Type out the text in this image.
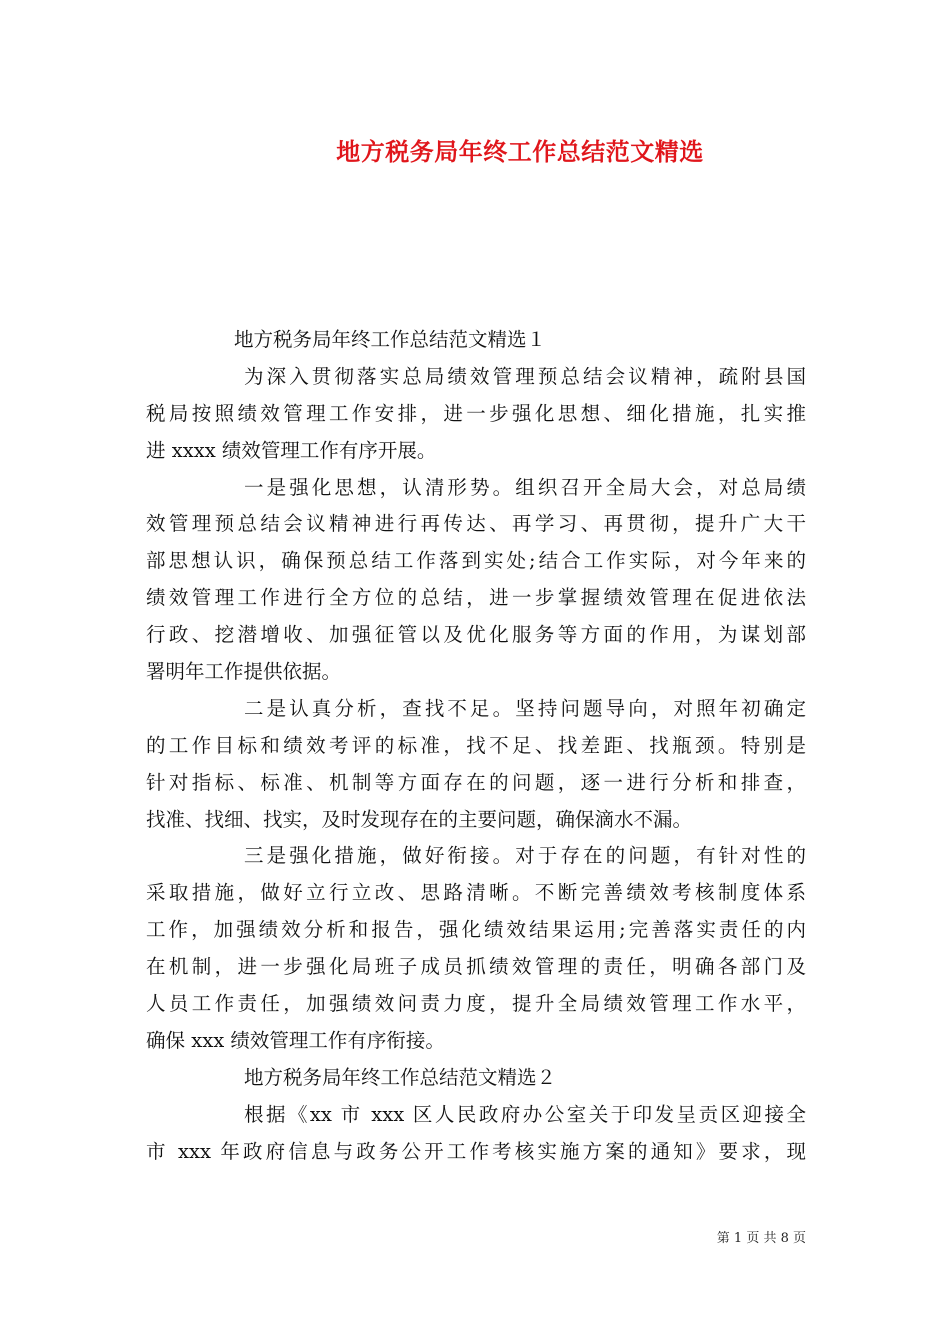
地方税务局年终工作总结范文精选
地方税务局年终工作总结范文精选１
为深入贯彻落实总局绩效管理预总结会议精神，疏附县国
税局按照绩效管理工作安排，进一步强化思想、细化措施，扎实推
进 xxxx 绩效管理工作有序开展。
一是强化思想，认清形势。组织召开全局大会，对总局绩
效管理预总结会议精神进行再传达、再学习、再贯彻，提升广大干
部思想认识，确保预总结工作落到实处;结合工作实际，对今年来的
绩效管理工作进行全方位的总结，进一步掌握绩效管理在促进依法
行政、挖潜增收、加强征管以及优化服务等方面的作用，为谋划部
署明年工作提供依据。
二是认真分析，查找不足。坚持问题导向，对照年初确定
的工作目标和绩效考评的标准，找不足、找差距、找瓶颈。特别是
针对指标、标准、机制等方面存在的问题，逐一进行分析和排查，
找准、找细、找实，及时发现存在的主要问题，确保滴水不漏。
三是强化措施，做好衔接。对于存在的问题，有针对性的
采取措施，做好立行立改、思路清晰。不断完善绩效考核制度体系
工作，加强绩效分析和报告，强化绩效结果运用;完善落实责任的内
在机制，进一步强化局班子成员抓绩效管理的责任，明确各部门及
人员工作责任，加强绩效问责力度，提升全局绩效管理工作水平，
确保 xxx 绩效管理工作有序衔接。
地方税务局年终工作总结范文精选２
根据《xx 市 xxx 区人民政府办公室关于印发呈贡区迎接全
市 xxx 年政府信息与政务公开工作考核实施方案的通知》要求，现
第 1 页 共 8 页
